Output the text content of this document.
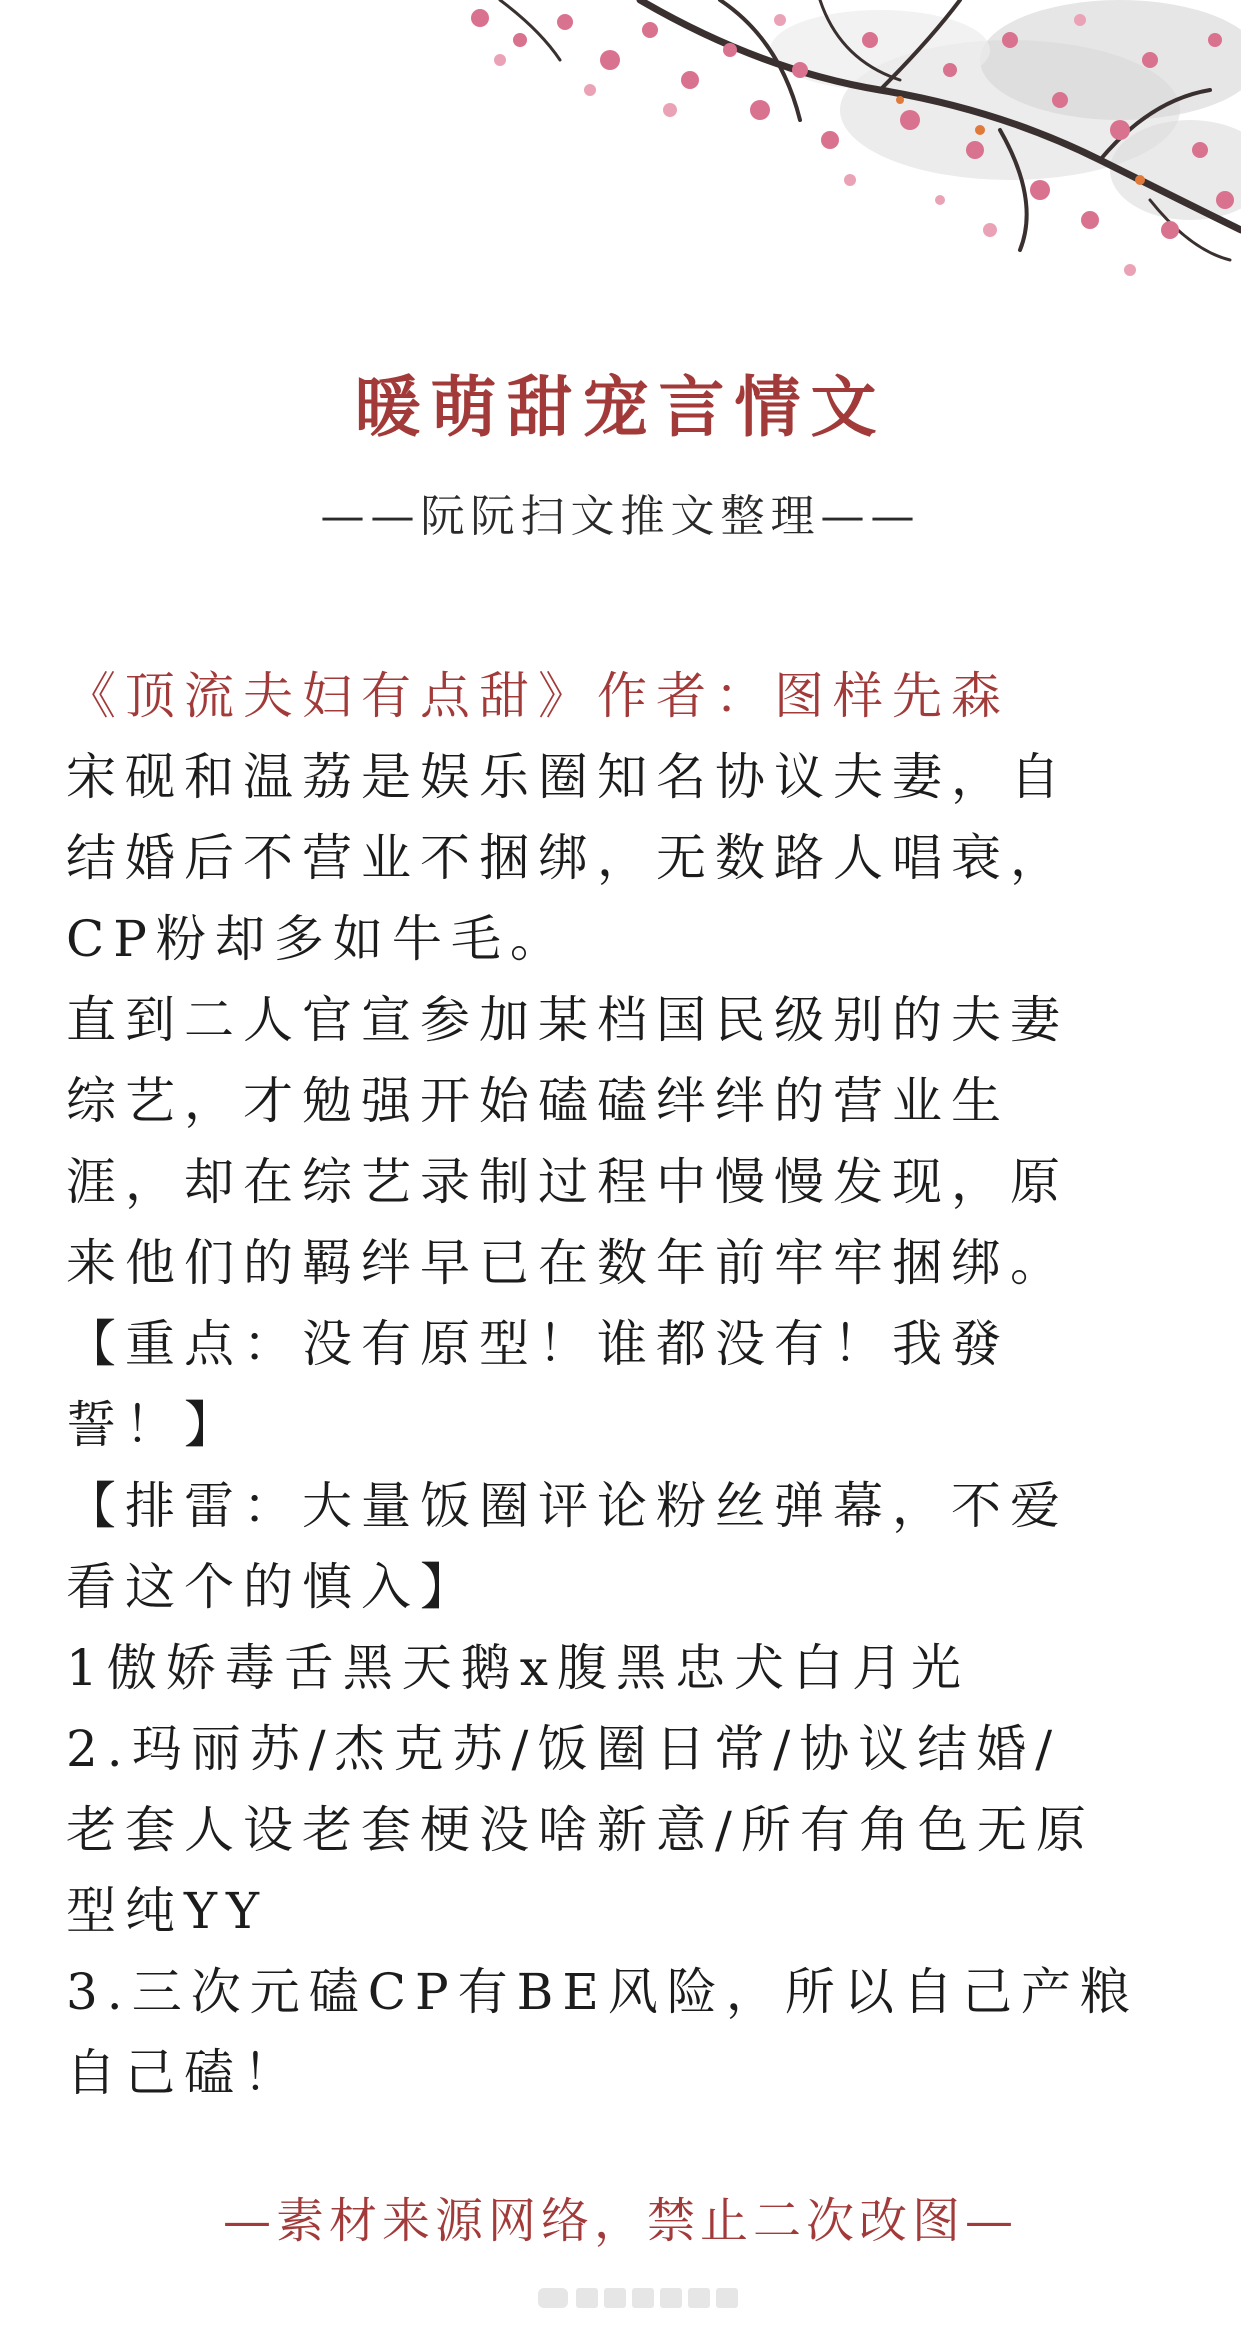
暖萌甜宠言情文

——阮阮扫文推文整理——

《顶流夫妇有点甜》作者：图样先森
宋砚和温荔是娱乐圈知名协议夫妻，自
结婚后不营业不捆绑，无数路人唱衰，
CP粉却多如牛毛。
直到二人官宣参加某档国民级别的夫妻
综艺，才勉强开始磕磕绊绊的营业生
涯，却在综艺录制过程中慢慢发现，原
来他们的羁绊早已在数年前牢牢捆绑。
【重点：没有原型！谁都没有！我發
誓！】
【排雷：大量饭圈评论粉丝弹幕，不爱
看这个的慎入】
1傲娇毒舌黑天鹅x腹黑忠犬白月光
2.玛丽苏/杰克苏/饭圈日常/协议结婚/
老套人设老套梗没啥新意/所有角色无原
型纯YY
3.三次元磕CP有BE风险，所以自己产粮
自己磕！

—素材来源网络，禁止二次改图—
